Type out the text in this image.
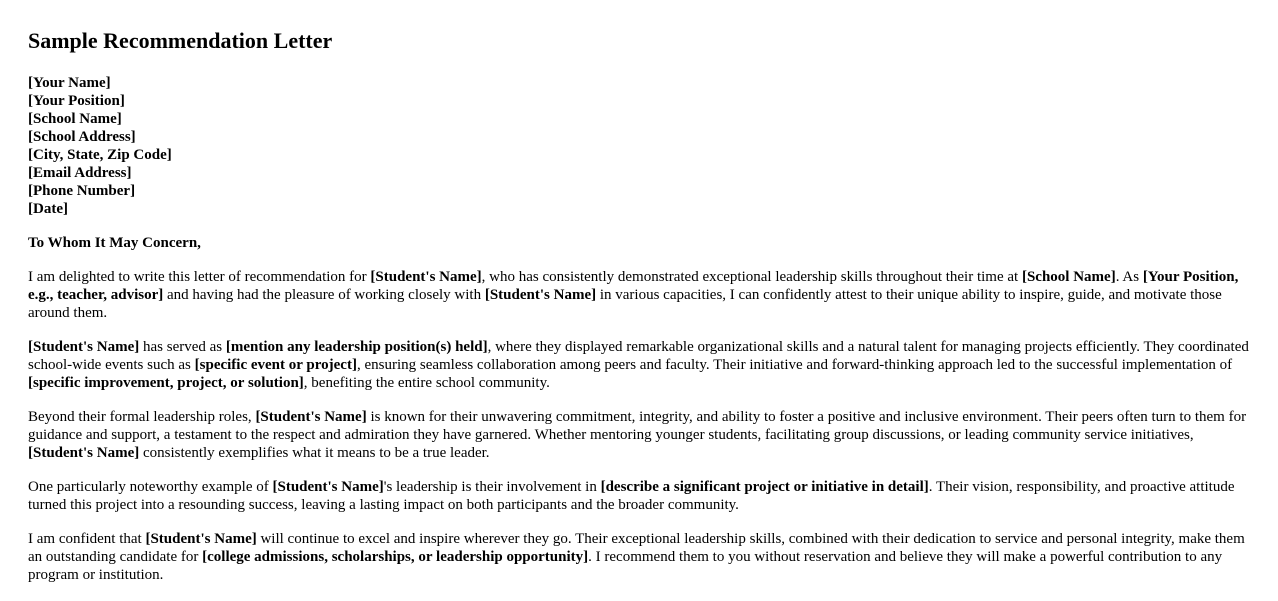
Sample Recommendation Letter
[Your Name]
[Your Position]
[School Name]
[School Address]
[City, State, Zip Code]
[Email Address]
[Phone Number]
[Date]

To Whom It May Concern,

I am delighted to write this letter of recommendation for [Student's Name], who has consistently demonstrated exceptional leadership skills throughout their time at [School Name]. As [Your Position, e.g., teacher, advisor] and having had the pleasure of working closely with [Student's Name] in various capacities, I can confidently attest to their unique ability to inspire, guide, and motivate those around them.

[Student's Name] has served as [mention any leadership position(s) held], where they displayed remarkable organizational skills and a natural talent for managing projects efficiently. They coordinated school-wide events such as [specific event or project], ensuring seamless collaboration among peers and faculty. Their initiative and forward-thinking approach led to the successful implementation of [specific improvement, project, or solution], benefiting the entire school community.

Beyond their formal leadership roles, [Student's Name] is known for their unwavering commitment, integrity, and ability to foster a positive and inclusive environment. Their peers often turn to them for guidance and support, a testament to the respect and admiration they have garnered. Whether mentoring younger students, facilitating group discussions, or leading community service initiatives, [Student's Name] consistently exemplifies what it means to be a true leader.

One particularly noteworthy example of [Student's Name]'s leadership is their involvement in [describe a significant project or initiative in detail]. Their vision, responsibility, and proactive attitude turned this project into a resounding success, leaving a lasting impact on both participants and the broader community.

I am confident that [Student's Name] will continue to excel and inspire wherever they go. Their exceptional leadership skills, combined with their dedication to service and personal integrity, make them an outstanding candidate for [college admissions, scholarships, or leadership opportunity]. I recommend them to you without reservation and believe they will make a powerful contribution to any program or institution.
